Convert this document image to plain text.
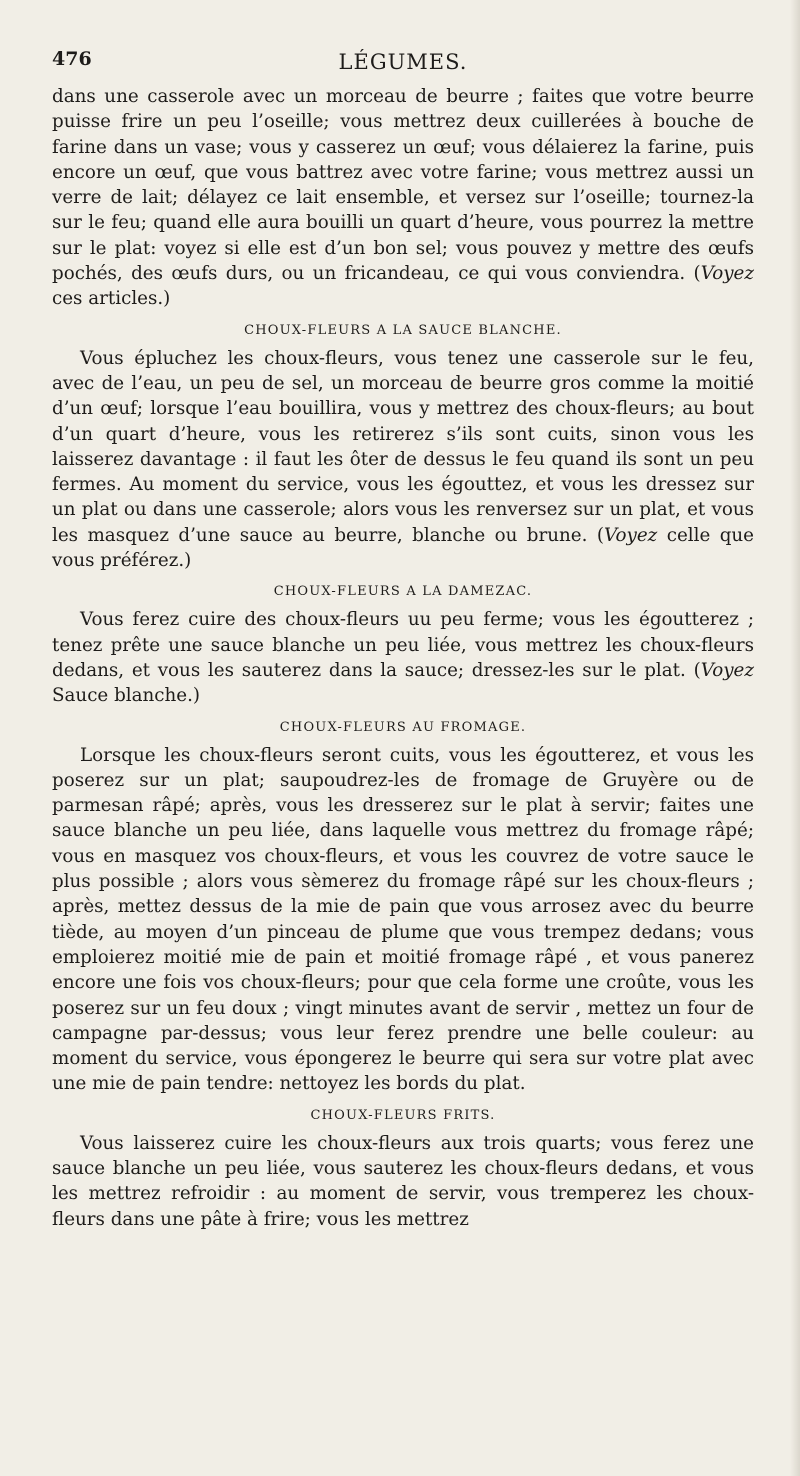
476	LÉGUMES.

dans une casserole avec un morceau de beurre ; faites que votre beurre puisse frire un peu l’oseille; vous mettrez deux cuillerées à bouche de farine dans un vase; vous y casserez un œuf; vous délaierez la farine, puis encore un œuf, que vous battrez avec votre farine; vous mettrez aussi un verre de lait; délayez ce lait ensemble, et versez sur l’oseille; tournez-la sur le feu; quand elle aura bouilli un quart d’heure, vous pourrez la mettre sur le plat: voyez si elle est d’un bon sel; vous pouvez y mettre des œufs pochés, des œufs durs, ou un fricandeau, ce qui vous conviendra. (Voyez ces articles.)

CHOUX-FLEURS A LA SAUCE BLANCHE.

Vous épluchez les choux-fleurs, vous tenez une casserole sur le feu, avec de l’eau, un peu de sel, un morceau de beurre gros comme la moitié d’un œuf; lorsque l’eau bouillira, vous y mettrez des choux-fleurs; au bout d’un quart d’heure, vous les retirerez s’ils sont cuits, sinon vous les laisserez davantage : il faut les ôter de dessus le feu quand ils sont un peu fermes. Au moment du service, vous les égouttez, et vous les dressez sur un plat ou dans une casserole; alors vous les renversez sur un plat, et vous les masquez d’une sauce au beurre, blanche ou brune. (Voyez celle que vous préférez.)

CHOUX-FLEURS A LA DAMEZAC.

Vous ferez cuire des choux-fleurs uu peu ferme; vous les égoutterez ; tenez prête une sauce blanche un peu liée, vous mettrez les choux-fleurs dedans, et vous les sauterez dans la sauce; dressez-les sur le plat. (Voyez Sauce blanche.)

CHOUX-FLEURS AU FROMAGE.

Lorsque les choux-fleurs seront cuits, vous les égoutterez, et vous les poserez sur un plat; saupoudrez-les de fromage de Gruyère ou de parmesan râpé; après, vous les dresserez sur le plat à servir; faites une sauce blanche un peu liée, dans laquelle vous mettrez du fromage râpé; vous en masquez vos choux-fleurs, et vous les couvrez de votre sauce le plus possible ; alors vous sèmerez du fromage râpé sur les choux-fleurs ; après, mettez dessus de la mie de pain que vous arrosez avec du beurre tiède, au moyen d’un pinceau de plume que vous trempez dedans; vous emploierez moitié mie de pain et moitié fromage râpé , et vous panerez encore une fois vos choux-fleurs; pour que cela forme une croûte, vous les poserez sur un feu doux ; vingt minutes avant de servir , mettez un four de campagne par-dessus; vous leur ferez prendre une belle couleur: au moment du service, vous épongerez le beurre qui sera sur votre plat avec une mie de pain tendre: nettoyez les bords du plat.

CHOUX-FLEURS FRITS.

Vous laisserez cuire les choux-fleurs aux trois quarts; vous ferez une sauce blanche un peu liée, vous sauterez les choux-fleurs dedans, et vous les mettrez refroidir : au moment de servir, vous tremperez les choux-fleurs dans une pâte à frire; vous les mettrez
